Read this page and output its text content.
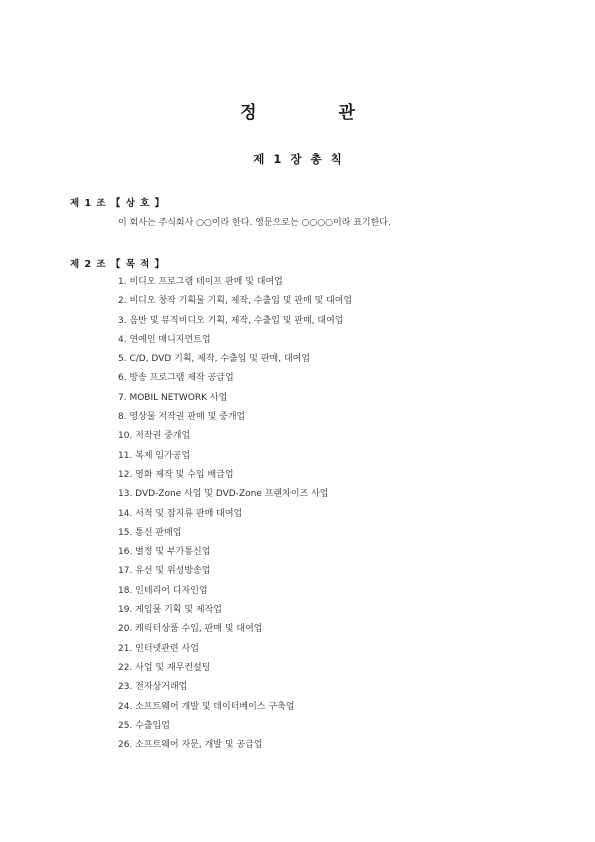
정 관
제 1 장 총 칙
제 1 조 【 상 호 】
이 회사는 주식회사 ○○이라 한다. 영문으로는 ○○○○이라 표기한다.
제 2 조 【 목 적 】
1. 비디오 프로그램 테이프 판매 및 대여업
2. 비디오 창작 기획물 기획, 제작, 수출입 및 판매 및 대여업
3. 음반 및 뮤직비디오 기획, 제작, 수출입 및 판매, 대여업
4. 연예인 매니지먼트업
5. C/D, DVD 기획, 제작, 수출입 및 판매, 대여업
6. 방송 프로그램 제작 공급업
7. MOBIL NETWORK 사업
8. 영상물 저작권 판매 및 중개업
10. 저작권 중개업
11. 복제 임가공업
12. 영화 제작 및 수입 배급업
13. DVD-Zone 사업 및 DVD-Zone 프랜차이즈 사업
14. 서적 및 잡지류 판매 대여업
15. 통신 판매업
16. 별정 및 부가통신업
17. 유선 및 위성방송업
18. 인테리어 디자인업
19. 게임물 기획 및 제작업
20. 캐릭터상품 수입, 판매 및 대여업
21. 인터넷관련 사업
22. 사업 및 재무컨설팅
23. 전자상거래업
24. 소프트웨어 개발 및 데이터베이스 구축업
25. 수출입업
26. 소프트웨어 자문, 개발 및 공급업
